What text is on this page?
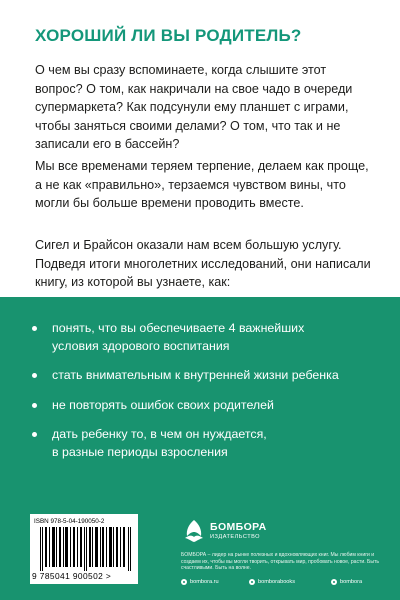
ХОРОШИЙ ЛИ ВЫ РОДИТЕЛЬ?
О чем вы сразу вспоминаете, когда слышите этот вопрос? О том, как накричали на свое чадо в очереди супермаркета? Как подсунули ему планшет с играми, чтобы заняться своими делами? О том, что так и не записали его в бассейн?
Мы все временами теряем терпение, делаем как проще, а не как «правильно», терзаемся чувством вины, что могли бы больше времени проводить вместе.
Сигел и Брайсон оказали нам всем большую услугу. Подведя итоги многолетних исследований, они написали книгу, из которой вы узнаете, как:
понять, что вы обеспечиваете 4 важнейших
условия здорового воспитания
стать внимательным к внутренней жизни ребенка
не повторять ошибок своих родителей
дать ребенку то, в чем он нуждается,
в разные периоды взросления
ISBN 978-5-04-190050-2
9 785041 900502 >
БОМБОРА
ИЗДАТЕЛЬСТВО
БОМБОРА – лидер на рынке полезных и вдохновляющих книг. Мы любим книги и создаем их, чтобы вы могли творить, открывать мир, пробовать новое, расти. Быть счастливыми. Быть на волне.
bombora.ru	bomborabooks	bombora
